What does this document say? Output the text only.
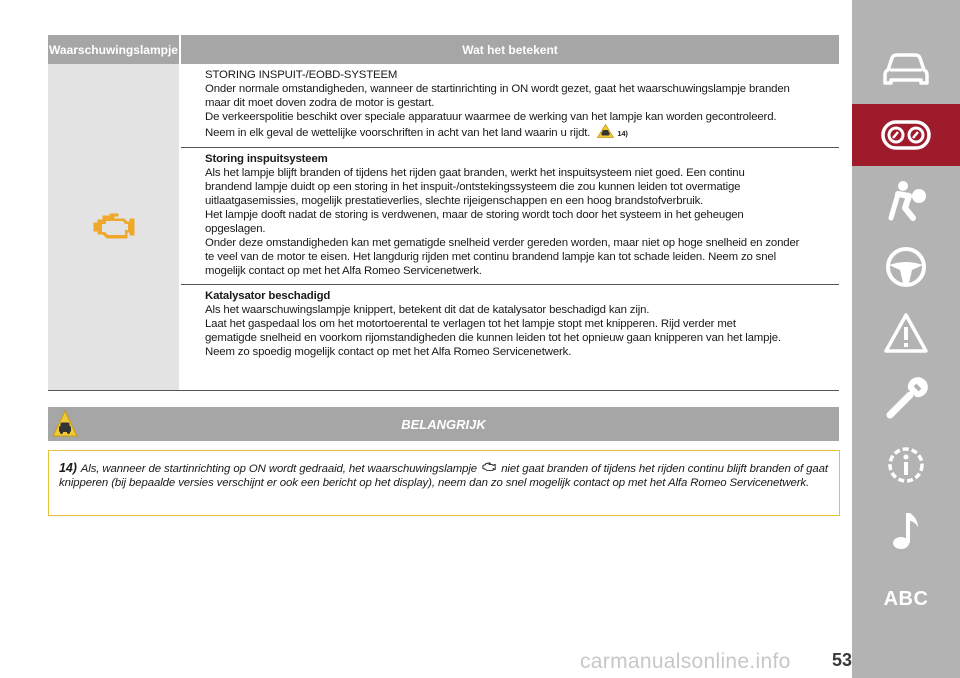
Waarschuwingslampje	Wat het betekent

STORING INSPUIT-/EOBD-SYSTEEM

Onder normale omstandigheden, wanneer de startinrichting in ON wordt gezet, gaat het waarschuwingslampje branden

maar dit moet doven zodra de motor is gestart.

De verkeerspolitie beschikt over speciale apparatuur waarmee de werking van het lampje kan worden gecontroleerd.

Neem in elk geval de wettelijke voorschriften in acht van het land waarin u rijdt.	14)

Storing inspuitsysteem

Als het lampje blijft branden of tijdens het rijden gaat branden, werkt het inspuitsysteem niet goed. Een continu

brandend lampje duidt op een storing in het inspuit-/ontstekingssysteem die zou kunnen leiden tot overmatige

uitlaatgasemissies, mogelijk prestatieverlies, slechte rijeigenschappen en een hoog brandstofverbruik.

Het lampje dooft nadat de storing is verdwenen, maar de storing wordt toch door het systeem in het geheugen

opgeslagen.

Onder deze omstandigheden kan met gematigde snelheid verder gereden worden, maar niet op hoge snelheid en zonder

te veel van de motor te eisen. Het langdurig rijden met continu brandend lampje kan tot schade leiden. Neem zo snel

mogelijk contact op met het Alfa Romeo Servicenetwerk.

Katalysator beschadigd

Als het waarschuwingslampje knippert, betekent dit dat de katalysator beschadigd kan zijn.

Laat het gaspedaal los om het motortoerental te verlagen tot het lampje stopt met knipperen. Rijd verder met

gematigde snelheid en voorkom rijomstandigheden die kunnen leiden tot het opnieuw gaan knipperen van het lampje.

Neem zo spoedig mogelijk contact op met het Alfa Romeo Servicenetwerk.

BELANGRIJK
14) Als, wanneer de startinrichting op ON wordt gedraaid, het waarschuwingslampje niet gaat branden of tijdens het rijden continu blijft branden of gaat knipperen (bij bepaalde versies verschijnt er ook een bericht op het display), neem dan zo snel mogelijk contact op met het Alfa Romeo Servicenetwerk.
ABC
carmanualsonline.info	53
